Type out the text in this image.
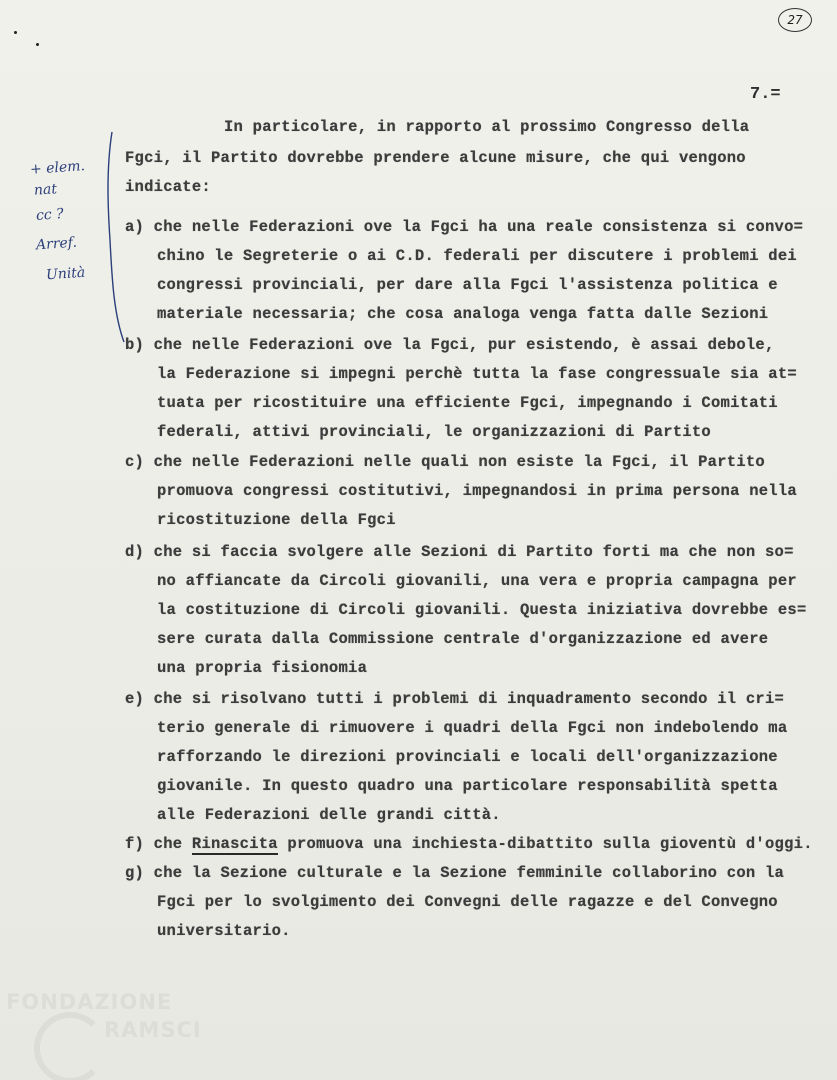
27
7.=
+ elem.
nat
cc ?
Arref.
Unità
In particolare, in rapporto al prossimo Congresso della
Fgci, il Partito dovrebbe prendere alcune misure, che qui vengono
indicate:
a) che nelle Federazioni ove la Fgci ha una reale consistenza si convo=
chino le Segreterie o ai C.D. federali per discutere i problemi dei
congressi provinciali, per dare alla Fgci l'assistenza politica e
materiale necessaria; che cosa analoga venga fatta dalle Sezioni
b) che nelle Federazioni ove la Fgci, pur esistendo, è assai debole,
la Federazione si impegni perchè tutta la fase congressuale sia at=
tuata per ricostituire una efficiente Fgci, impegnando i Comitati
federali, attivi provinciali, le organizzazioni di Partito
c) che nelle Federazioni nelle quali non esiste la Fgci, il Partito
promuova congressi costitutivi, impegnandosi in prima persona nella
ricostituzione della Fgci
d) che si faccia svolgere alle Sezioni di Partito forti ma che non so=
no affiancate da Circoli giovanili, una vera e propria campagna per
la costituzione di Circoli giovanili. Questa iniziativa dovrebbe es=
sere curata dalla Commissione centrale d'organizzazione ed avere
una propria fisionomia
e) che si risolvano tutti i problemi di inquadramento secondo il cri=
terio generale di rimuovere i quadri della Fgci non indebolendo ma
rafforzando le direzioni provinciali e locali dell'organizzazione
giovanile. In questo quadro una particolare responsabilità spetta
alle Federazioni delle grandi città.
f) che Rinascita promuova una inchiesta-dibattito sulla gioventù d'oggi.
g) che la Sezione culturale e la Sezione femminile collaborino con la
Fgci per lo svolgimento dei Convegni delle ragazze e del Convegno
universitario.
FONDAZIONE
RAMSCI
